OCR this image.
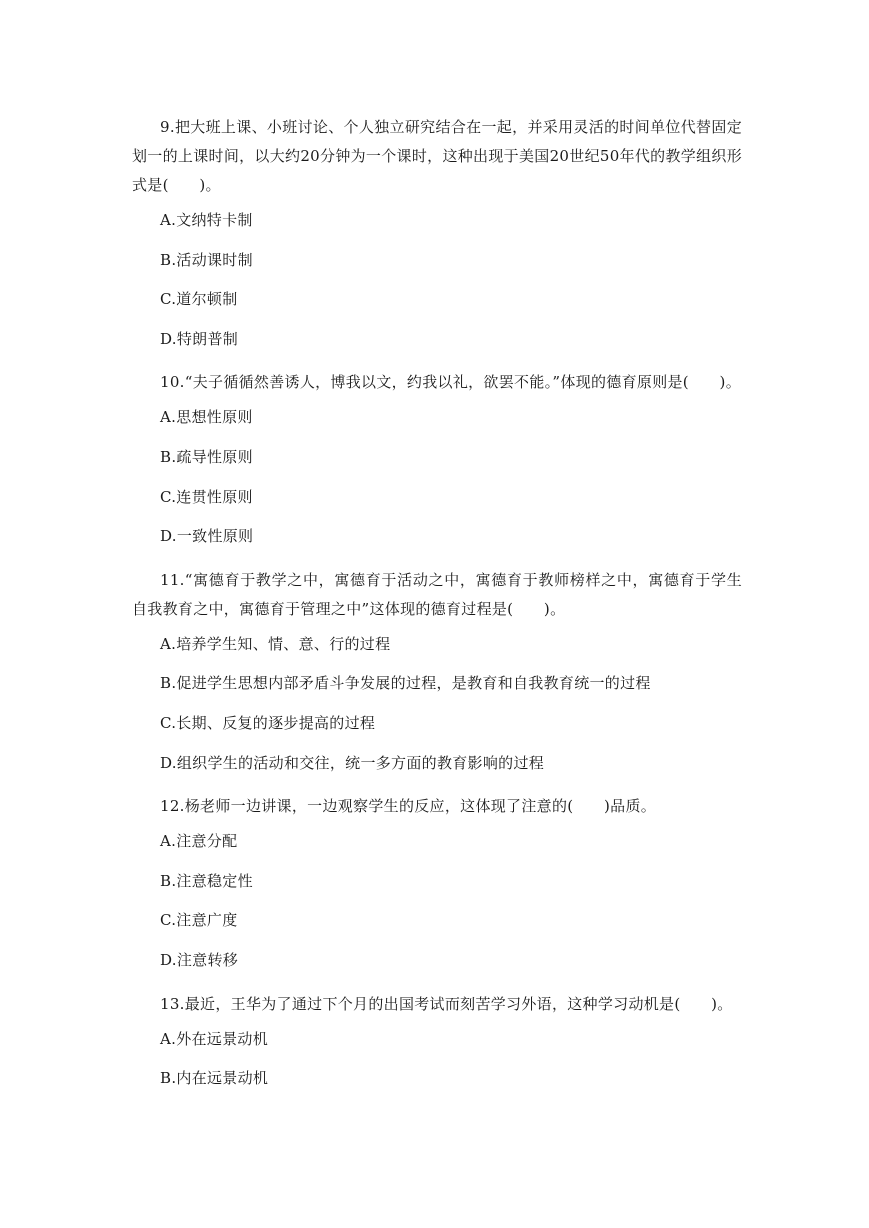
9.把大班上课、小班讨论、个人独立研究结合在一起，并采用灵活的时间单位代替固定划一的上课时间，以大约20分钟为一个课时，这种出现于美国20世纪50年代的教学组织形式是(　　)。

A.文纳特卡制

B.活动课时制

C.道尔顿制

D.特朗普制

10.“夫子循循然善诱人，博我以文，约我以礼，欲罢不能。”体现的德育原则是(　　)。

A.思想性原则

B.疏导性原则

C.连贯性原则

D.一致性原则

11.“寓德育于教学之中，寓德育于活动之中，寓德育于教师榜样之中，寓德育于学生自我教育之中，寓德育于管理之中”这体现的德育过程是(　　)。

A.培养学生知、情、意、行的过程

B.促进学生思想内部矛盾斗争发展的过程，是教育和自我教育统一的过程

C.长期、反复的逐步提高的过程

D.组织学生的活动和交往，统一多方面的教育影响的过程

12.杨老师一边讲课，一边观察学生的反应，这体现了注意的(　　)品质。

A.注意分配

B.注意稳定性

C.注意广度

D.注意转移

13.最近，王华为了通过下个月的出国考试而刻苦学习外语，这种学习动机是(　　)。

A.外在远景动机

B.内在远景动机
